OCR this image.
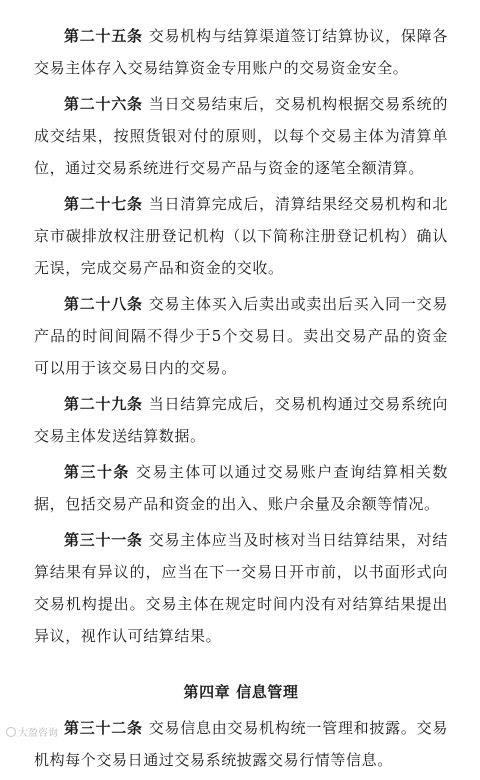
第二十五条 交易机构与结算渠道签订结算协议，保障各交易主体存入交易结算资金专用账户的交易资金安全。

第二十六条 当日交易结束后，交易机构根据交易系统的成交结果，按照货银对付的原则，以每个交易主体为清算单位，通过交易系统进行交易产品与资金的逐笔全额清算。

第二十七条 当日清算完成后，清算结果经交易机构和北京市碳排放权注册登记机构（以下简称注册登记机构）确认无误，完成交易产品和资金的交收。

第二十八条 交易主体买入后卖出或卖出后买入同一交易产品的时间间隔不得少于5个交易日。卖出交易产品的资金可以用于该交易日内的交易。

第二十九条 当日结算完成后，交易机构通过交易系统向交易主体发送结算数据。

第三十条 交易主体可以通过交易账户查询结算相关数据，包括交易产品和资金的出入、账户余量及余额等情况。

第三十一条 交易主体应当及时核对当日结算结果，对结算结果有异议的，应当在下一交易日开市前，以书面形式向交易机构提出。交易主体在规定时间内没有对结算结果提出异议，视作认可结算结果。

第四章 信息管理

第三十二条 交易信息由交易机构统一管理和披露。交易机构每个交易日通过交易系统披露交易行情等信息。

大盈咨询
